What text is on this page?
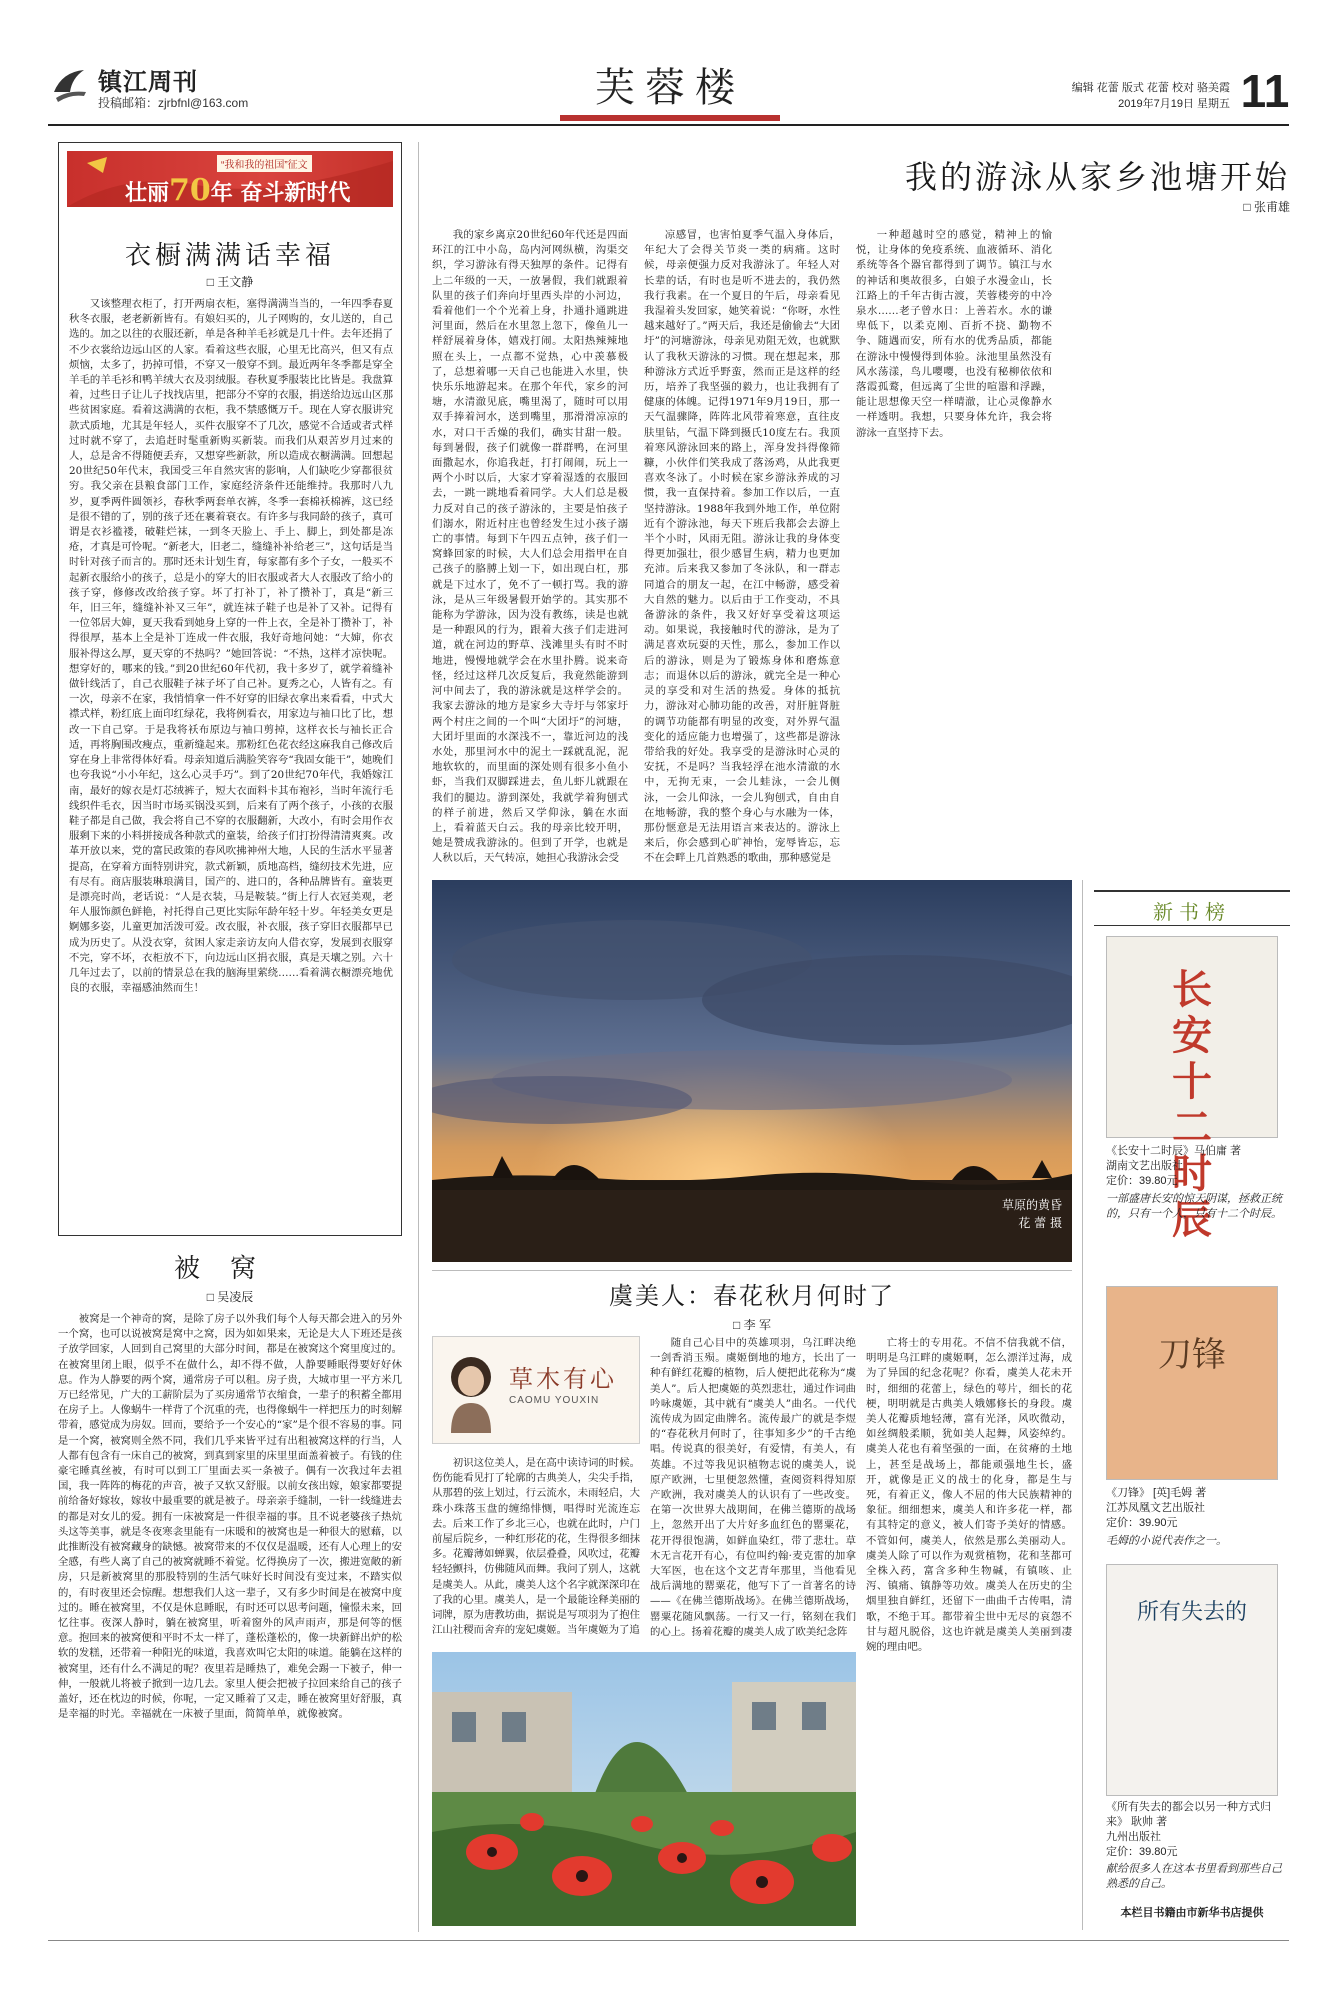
镇江周刊
投稿邮箱：zjrbfnl@163.com	芙蓉楼	编辑 花蕾 版式 花蕾 校对 骆美霞
2019年7月19日 星期五 11
“我和我的祖国”征文
壮丽70年 奋斗新时代
衣橱满满话幸福
□ 王文静
又该整理衣柜了，打开两扇衣柜，塞得满满当当的，一年四季春夏秋冬衣服，老老新新皆有。有娘妇买的，儿子网购的，女儿送的，自己选的。加之以往的衣服还新，单是各种羊毛衫就是几十件。去年还捐了不少衣裳给边远山区的人家。看着这些衣服，心里无比高兴，但又有点烦恼，太多了，扔掉可惜，不穿又一般穿不到。最近两年冬季都是穿全羊毛的羊毛衫和鸭羊绒大衣及羽绒服。春秋夏季服装比比皆是。我盘算着，过些日子让儿子找找店里，把部分不穿的衣服，捐送给边远山区那些贫困家庭。看着这满满的衣柜，我不禁感慨万千。现在人穿衣服讲究款式质地，尤其是年轻人，买件衣服穿不了几次，感觉不合适或者式样过时就不穿了，去追赶时髦重新购买新装。而我们从艰苦岁月过来的人，总是舍不得随便丢弃，又想穿些新款，所以造成衣橱满满。回想起20世纪50年代末，我国受三年自然灾害的影响，人们缺吃少穿都很贫穷。我父亲在县粮食部门工作，家庭经济条件还能维持。我那时八九岁，夏季两件圆领衫，春秋季两套单衣裤，冬季一套棉袄棉裤，这已经是很不错的了，别的孩子还在裹着衰衣。有许多与我同龄的孩子，真可谓是衣衫褴褛，破鞋烂袜，一到冬天脸上、手上、脚上，到处都是冻疮，才真是可怜呢。“新老大，旧老二，缝缝补补给老三”，这句话是当时针对孩子而言的。那时还未计划生育，每家都有多个子女，一般买不起新衣服给小的孩子，总是小的穿大的旧衣服或者大人衣服改了给小的孩子穿，修修改改给孩子穿。坏了打补丁，补了攒补丁，真是“新三年，旧三年，缝缝补补又三年”，就连袜子鞋子也是补了又补。记得有一位邻居大婶，夏天我看到她身上穿的一件上衣，全是补丁攒补丁，补得很厚，基本上全是补丁连成一件衣服，我好奇地问她：“大婶，你衣服补得这么厚，夏天穿的不热吗？”她回答说：“不热，这样才凉快呢。想穿好的，哪来的钱。”到20世纪60年代初，我十多岁了，就学着缝补做针线活了，自己衣服鞋子袜子坏了自己补。夏秀之心，人皆有之。有一次，母亲不在家，我悄悄拿一件不好穿的旧绿衣拿出来看看，中式大襟式样，粉红底上面印红绿花，我将例看衣，用家边与袖口比了比，想改一下自己穿。于是我将袄布原边与袖口剪掉，这样衣长与袖长正合适，再将胸围改瘦点，重新缝起来。那粉红色花衣经这麻我自己修改后穿在身上非常得体好看。母亲知道后满脸笑容夸“我固女能干”，她晚们也夸我说“小小年纪，这么心灵手巧”。到了20世纪70年代，我婚嫁江南，最好的嫁衣是灯芯绒裤子，短大衣面料卡其布袍衫，当时年流行毛线织件毛衣，因当时市场买锅没买到，后来有了两个孩子，小孩的衣服鞋子都是自己做，我会将自己不穿的衣服翻新，大改小，有时会用作衣服剩下来的小料拼接成各种款式的童装，给孩子们打扮得清清爽爽。改革开放以来，党的富民政策的春风吹拂神州大地，人民的生活水平显著提高，在穿着方面特别讲究，款式新颖，质地高档，缝纫技术先进，应有尽有。商店服装琳琅满目，国产的、进口的，各种品牌皆有。童装更是漂亮时尚，老话说：“人是衣装，马是鞍装。”街上行人衣冠美观，老年人服饰颜色鲜艳，衬托得自己更比实际年龄年轻十岁。年轻美女更是婀娜多姿，儿童更加活泼可爱。改衣服，补衣服，孩子穿旧衣服都早已成为历史了。从没衣穿，贫困人家走亲访友向人借衣穿，发展到衣服穿不完，穿不坏，衣柜放不下，向边远山区捐衣服，真是天壤之别。六十几年过去了，以前的情景总在我的脑海里萦绕……看着满衣橱漂亮地优良的衣服，幸福感油然而生！
被窝
□ 吴凌辰
被窝是一个神奇的窝，是除了房子以外我们每个人每天都会进入的另外一个窝，也可以说被窝是窝中之窝，因为如如果来，无论是大人下班还是孩子放学回家，人回到自己窝里的大部分时间，都是在被窝这个窝里度过的。在被窝里闭上眼，似乎不在做什么，却不得不做，人静要睡眠得要好好休息。作为人静要的两个窝，通常房子可以租。房子贵，大城市里一平方米几万已经常见，广大的工薪阶层为了买房通常节衣缩食，一辈子的积蓄全都用在房子上。人像蜗牛一样背了个沉重的壳，也得像蜗牛一样把压力的时刻解带着，感觉成为房奴。回而，要给予一个安心的“家”是个很不容易的事。同是一个窝，被窝则全然不同，我们几乎来皆平过有出租被窝这样的行当，人人都有包含有一床自己的被窝，到真到家里的床里里面盖着被子。有钱的住豪宅睡真丝被，有时可以到工厂里面去买一条被子。偶有一次我过年去祖国，我一阵阵的梅花的声音，被子又软又舒服。以前女孩出嫁，娘家都要提前给备好嫁妆，嫁妆中最重要的就是被子。母亲亲手缝制，一针一线缝进去的都是对女儿的爱。拥有一床被窝是一件很幸福的事。且不说老婆孩子热炕头这等美事，就是冬夜寒衾里能有一床暖和的被窝也是一种很大的慰藉，以此推断没有被窝藏身的缺憾。被窝带来的不仅仅是温暖，还有人心理上的安全感，有些人离了自己的被窝就睡不着觉。忆得换房了一次，搬进宽敞的新房，只是新被窝里的那股特别的生活气味好长时间没有变过来，不踏实似的，有时夜里还会惊醒。想想我们人这一辈子，又有多少时间是在被窝中度过的。睡在被窝里，不仅是休息睡眠，有时还可以思考问题，憧憬未来，回忆往事。夜深人静时，躺在被窝里，听着窗外的风声雨声，那是何等的惬意。抱回来的被窝便和平时不太一样了，蓬松蓬松的，像一块新鲜出炉的松软的发糕，还带着一种阳光的味道，我喜欢叫它太阳的味道。能躺在这样的被窝里，还有什么不满足的呢？夜里若是睡热了，难免会踢一下被子，伸一伸，一般就儿将被子掀到一边几去。家里人便会把被子拉回来给自己的孩子盖好，还在枕边的时候，你呢，一定又睡着了又走，睡在被窝里好舒服，真是幸福的时光。幸福就在一床被子里面，简简单单，就像被窝。
我的游泳从家乡池塘开始
□ 张甫雄
我的家乡离京20世纪60年代还是四面环江的江中小岛，岛内河网纵横，沟渠交织，学习游泳有得天独厚的条件。记得有上二年级的一天，一放暑假，我们就跟着队里的孩子们奔向圩里西头岸的小河边，看着他们一个个光着上身，扑通扑通跳进河里面，然后在水里忽上忽下，像鱼儿一样舒展着身体，嬉戏打闹。太阳热辣辣地照在头上，一点都不觉热，心中羡慕极了，总想着哪一天自己也能进入水里，快快乐乐地游起来。在那个年代，家乡的河塘，水清澈见底，嘴里渴了，随时可以用双手捧着河水，送到嘴里，那滑滑凉凉的水，对口干舌燥的我们，确实甘甜一般。每到暑假，孩子们就像一群群鸭，在河里面撒起水，你追我赶，打打闹闹，玩上一两个小时以后，大家才穿着湿透的衣服回去，一跳一跳地看着同学。大人们总是极力反对自己的孩子游泳的，主要是怕孩子们溺水，附近村庄也曾经发生过小孩子溺亡的事情。每到下午四五点钟，孩子们一窝蜂回家的时候，大人们总会用指甲在自己孩子的胳膊上划一下，如出现白杠，那就是下过水了，免不了一顿打骂。我的游泳，是从三年级暑假开始学的。其实那不能称为学游泳，因为没有教练，读是也就是一种跟风的行为，跟着大孩子们走进河道，就在河边的野草、浅滩里头有时不时地进，慢慢地就学会在水里扑腾。说来奇怪，经过这样几次反复后，我竟然能游到河中间去了，我的游泳就是这样学会的。我家去游泳的地方是家乡大寺圩与邻家圩两个村庄之间的一个叫“大团圩”的河塘，大团圩里面的水深浅不一，靠近河边的浅水处，那里河水中的泥土一踩就乱泥，泥地软软的，而里面的深处则有很多小鱼小虾，当我们双脚踩进去，鱼儿虾儿就跟在我们的腿边。游到深处，我就学着狗刨式的样子前进，然后又学仰泳，躺在水面上，看着蓝天白云。我的母亲比较开明，她是赞成我游泳的。但到了开学，也就是人秋以后，天气转凉，她担心我游泳会受
凉感冒，也害怕夏季气温入身体后，年纪大了会得关节炎一类的病痛。这时候，母亲便强力反对我游泳了。年轻人对长辈的话，有时也是听不进去的，我仍然我行我素。在一个夏日的午后，母亲看见我湿着头发回家，她笑着说：“你呀，水性越来越好了。”两天后，我还是偷偷去“大团圩”的河塘游泳，母亲见劝阻无效，也就默认了我秋天游泳的习惯。现在想起来，那种游泳方式近乎野蛮，然而正是这样的经历，培养了我坚强的毅力，也让我拥有了健康的体魄。记得1971年9月19日，那一天气温骤降，阵阵北风带着寒意，直往皮肤里钻，气温下降到摄氏10度左右。我顶着寒风游泳回来的路上，浑身发抖得像筛糠，小伙伴们笑我成了落汤鸡，从此我更喜欢冬泳了。小时候在家乡游泳养成的习惯，我一直保持着。参加工作以后，一直坚持游泳。1988年我到外地工作，单位附近有个游泳池，每天下班后我都会去游上半个小时，风雨无阻。游泳让我的身体变得更加强壮，很少感冒生病，精力也更加充沛。后来我又参加了冬泳队，和一群志同道合的朋友一起，在江中畅游，感受着大自然的魅力。以后由于工作变动，不具备游泳的条件，我又好好享受着这项运动。如果说，我接触时代的游泳，是为了满足喜欢玩耍的天性，那么，参加工作以后的游泳，则是为了锻炼身体和磨炼意志；而退休以后的游泳，就完全是一种心灵的享受和对生活的热爱。身体的抵抗力，游泳对心肺功能的改善，对肝脏肾脏的调节功能都有明显的改变，对外界气温变化的适应能力也增强了，这些都是游泳带给我的好处。我享受的是游泳时心灵的安抚，不是吗？当我轻浮在池水清澈的水中，无拘无束，一会儿蛙泳，一会儿侧泳，一会儿仰泳，一会儿狗刨式，自由自在地畅游，我的整个身心与水融为一体，那份惬意是无法用语言来表达的。游泳上来后，你会感到心旷神怡，宠辱皆忘，忘不在会畔上几首熟悉的歌曲，那种感觉是
一种超越时空的感觉，精神上的愉悦，让身体的免疫系统、血液循环、消化系统等各个器官都得到了调节。镇江与水的神话和奥故很多，白娘子水漫金山，长江路上的千年古街古渡，芙蓉楼旁的中冷泉水……老子曾水日：上善若水。水的谦卑低下，以柔克刚、百折不挠、勤物不争、随遇而安，所有水的优秀品质，都能在游泳中慢慢得到体验。泳池里虽然没有风水荡漾，鸟儿嘤嘤，也没有秘柳依依和落霞孤鹜，但远离了尘世的喧嚣和浮躁，能让思想像天空一样晴澈，让心灵像静水一样透明。我想，只要身体允许，我会将游泳一直坚持下去。
草原的黄昏
花 蕾 摄
虞美人：春花秋月何时了
□ 李 军
草木有心
CAOMU YOUXIN
初识这位美人，是在高中读诗词的时候。伤伤能看见打了轮廓的古典美人，尖尖手指，从那碧的弦上划过，行云流水，未雨轻启，大珠小珠落玉盘的缠绵悱恻，唱得时光流连忘去。后来工作了乡北三心，也就在此时，户门前屋后院乡，一种红形花的花，生得很多细抹多。花瓣薄如蝉翼，依层叠叠，风吹过，花瓣轻轻颤抖，仿佛随风而舞。我问了别人，这就是虞美人。从此，虞美人这个名字就深深印在了我的心里。虞美人，是一个最能诠释美丽的词牌，原为唐教坊曲，据说是写项羽为了抱住江山社稷而舍弃的宠妃虞姬。当年虞姬为了追
随自己心目中的英雄项羽，乌江畔决绝一剑香消玉殒。虞姬倒地的地方，长出了一种有鲜红花瓣的植物，后人便把此花称为“虞美人”。后人把虞姬的英烈悲壮，通过作词曲吟咏虞姬，其中就有“虞美人”曲名。一代代流传成为固定曲牌名。流传最广的就是李煜的“春花秋月何时了，往事知多少”的千古绝唱。传说真的很美好，有爱情，有美人，有英雄。不过等我见识植物志说的虞美人，说原产欧洲，七里便忽然懂，查阅资料得知原产欧洲，我对虞美人的认识有了一些改变。在第一次世界大战期间，在佛兰德斯的战场上，忽然开出了大片好多血红色的罂粟花，花开得很饱满，如鲜血染红，带了悲壮。草木无言花开有心，有位叫约翰·麦克雷的加拿大军医，也在这个文艺青年那里，当他看见战后满地的罂粟花，他写下了一首著名的诗——《在佛兰德斯战场》。在佛兰德斯战场，罂粟花随风飘荡。一行又一行，铭刻在我们的心上。扬着花瓣的虞美人成了欧美纪念阵
亡将士的专用花。不信不信我就不信，明明是乌江畔的虞姬啊，怎么漂洋过海，成为了异国的纪念花呢？你看，虞美人花未开时，细细的花蕾上，绿色的萼片，细长的花梗，明明就是古典美人娥娜修长的身段。虞美人花瓣质地轻薄，富有光泽，风吹微动，如丝绸般柔顺，犹如美人起舞，风姿绰约。虞美人花也有着坚强的一面，在贫瘠的土地上，甚至是战场上，都能顽强地生长，盛开，就像是正义的战士的化身，都是生与死，有着正义，像人不屈的伟大民族精神的象征。细细想来，虞美人和许多花一样，都有其特定的意义，被人们寄予美好的情感。不管如何，虞美人，依然是那么美丽动人。虞美人除了可以作为观赏植物，花和茎都可全株入药，富含多种生物碱，有镇咳、止泻、镇痛、镇静等功效。虞美人在历史的尘烟里独自鲜红，还留下一曲曲千古传唱，清歌，不绝于耳。都带着尘世中无尽的哀怨不甘与超凡脱俗，这也许就是虞美人美丽到凄婉的理由吧。
新书榜
长安十二时辰
《长安十二时辰》马伯庸 著
湖南文艺出版社
定价：39.80元
一部盛唐长安的惊天阴谋，拯救正统的，只有一个人，只有十二个时辰。
刀锋
《刀锋》 [英]毛姆 著
江苏凤凰文艺出版社
定价：39.90元
毛姆的小说代表作之一。
所有失去的
《所有失去的都会以另一种方式归来》 耿帅 著
九州出版社
定价：39.80元
献给很多人在这本书里看到那些自己熟悉的自己。
本栏目书籍由市新华书店提供
